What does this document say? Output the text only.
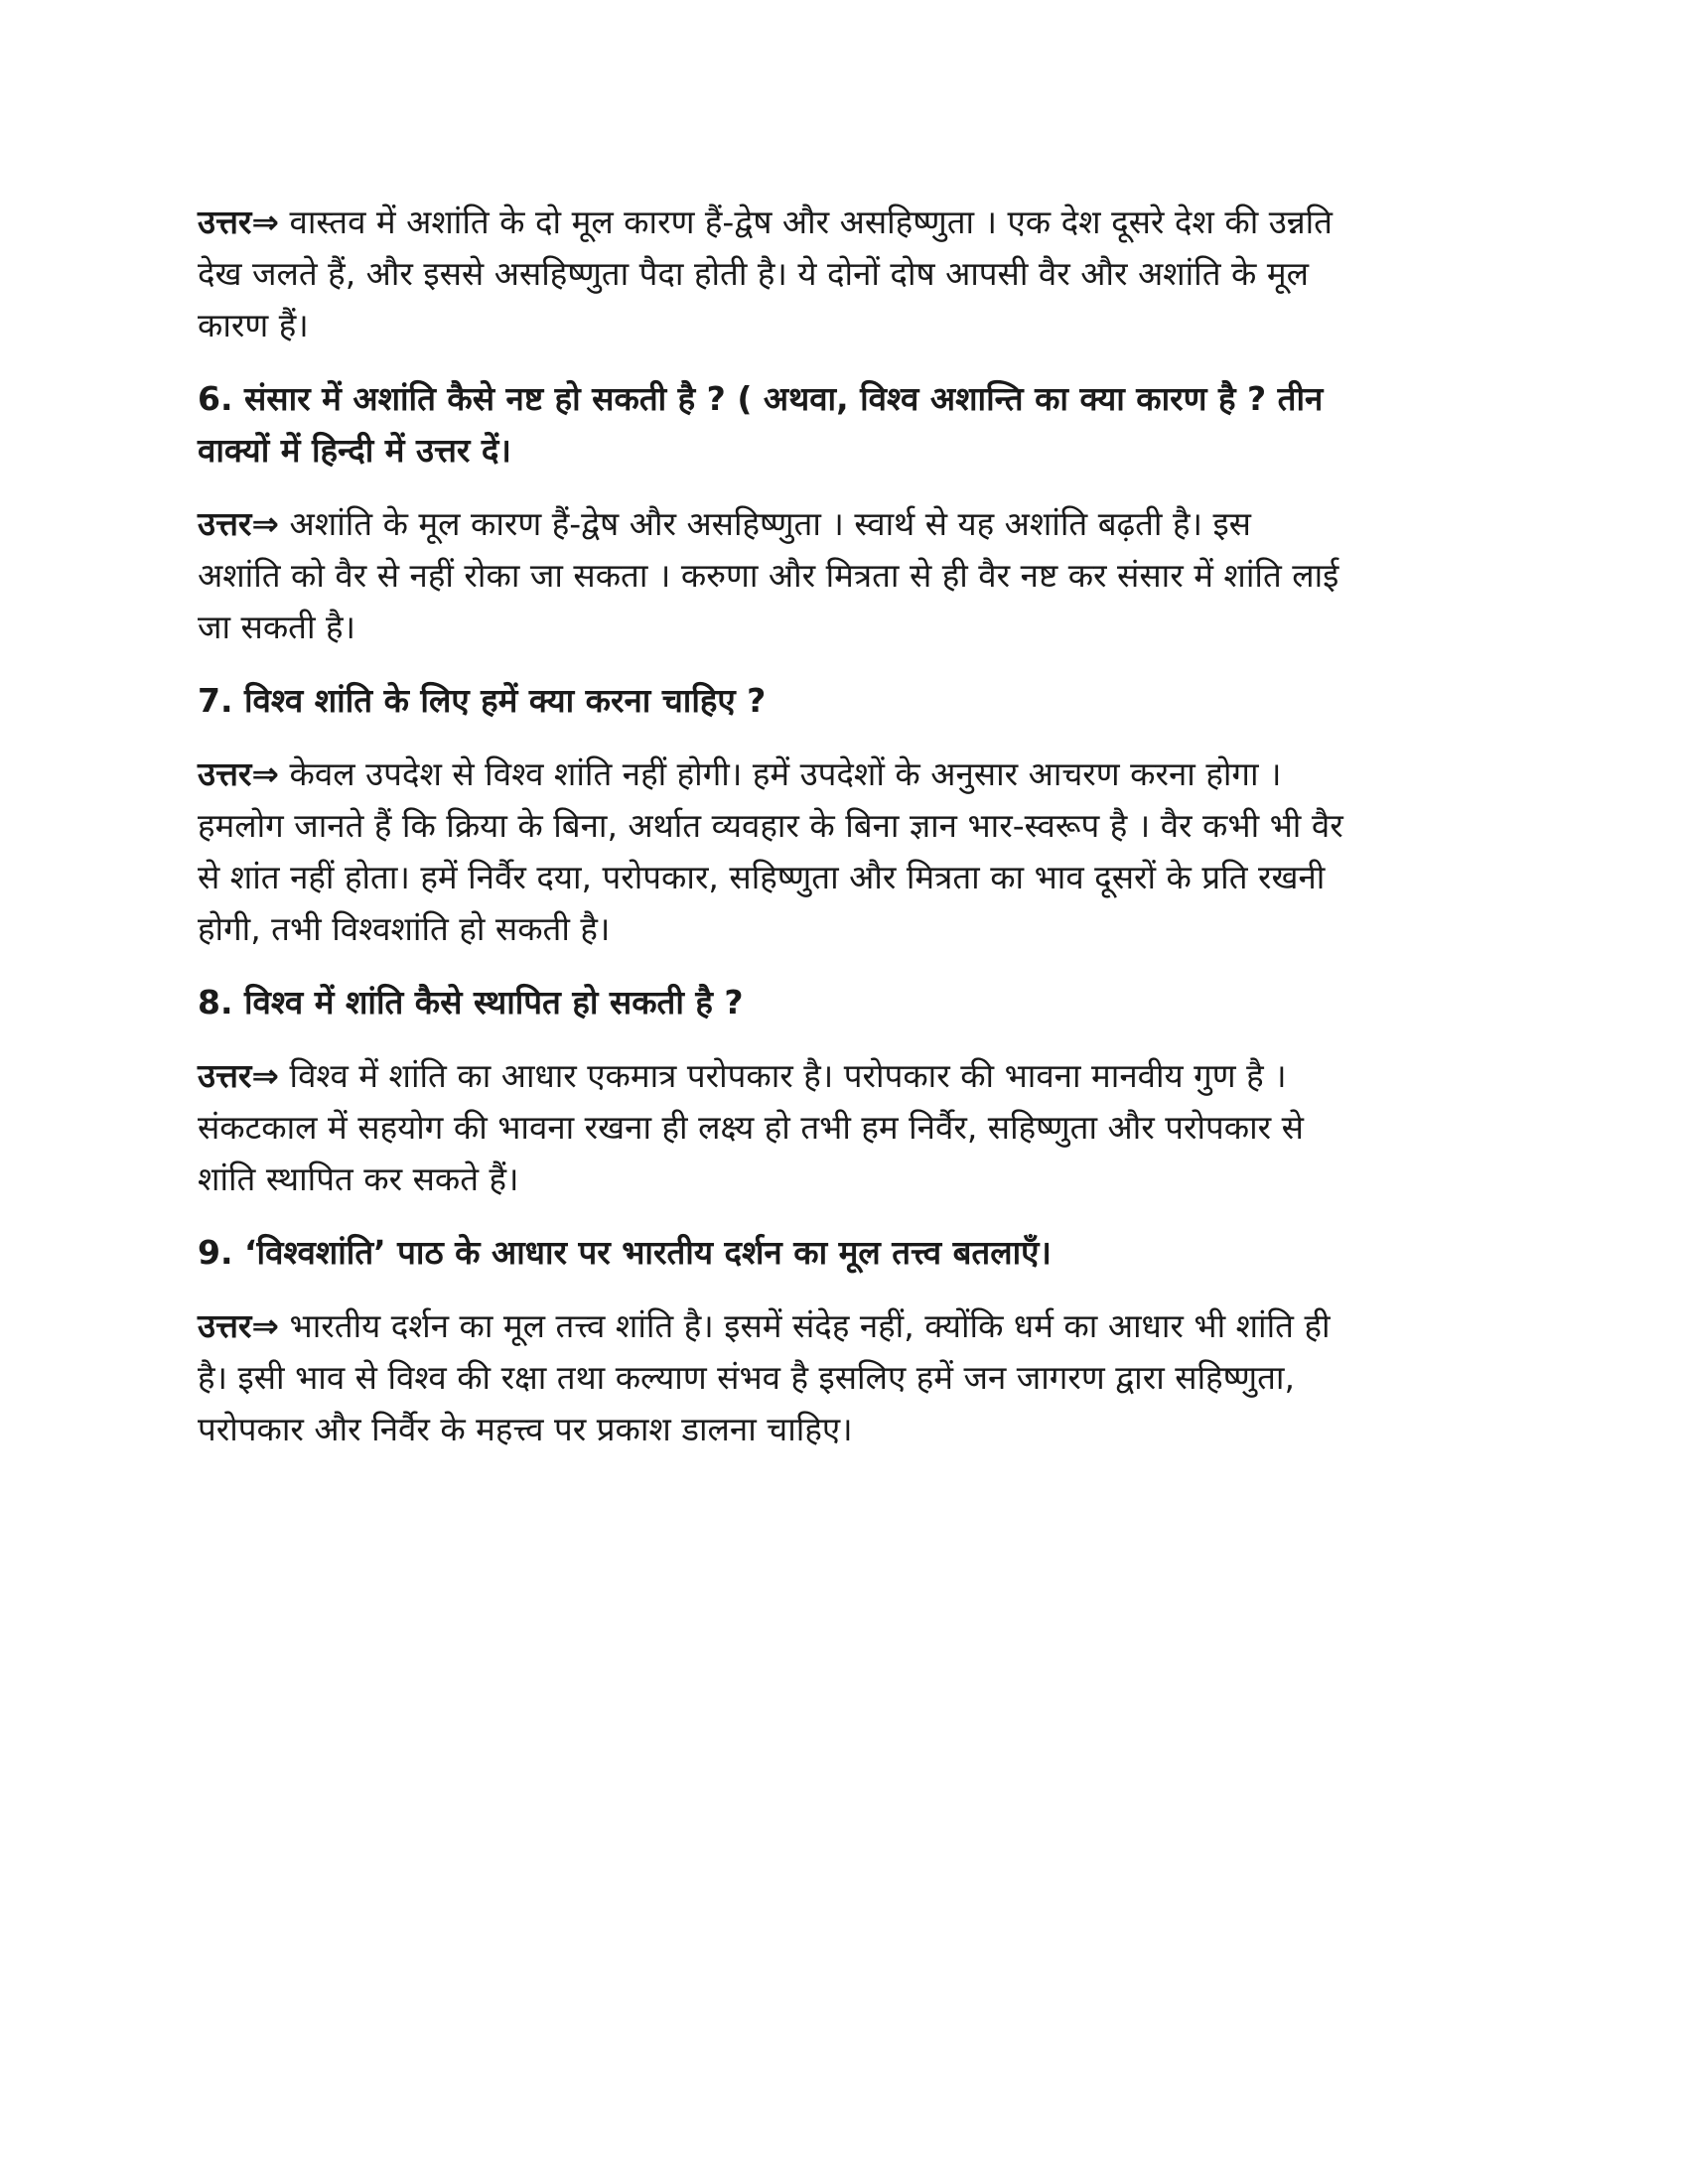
उत्तर⇒ वास्तव में अशांति के दो मूल कारण हैं-द्वेष और असहिष्णुता । एक देश दूसरे देश की उन्नति
देख जलते हैं, और इससे असहिष्णुता पैदा होती है। ये दोनों दोष आपसी वैर और अशांति के मूल
कारण हैं।
6. संसार में अशांति कैसे नष्ट हो सकती है ? ( अथवा, विश्व अशान्ति का क्या कारण है ? तीन
वाक्यों में हिन्दी में उत्तर दें।
उत्तर⇒ अशांति के मूल कारण हैं-द्वेष और असहिष्णुता । स्वार्थ से यह अशांति बढ़ती है। इस
अशांति को वैर से नहीं रोका जा सकता । करुणा और मित्रता से ही वैर नष्ट कर संसार में शांति लाई
जा सकती है।
7. विश्व शांति के लिए हमें क्या करना चाहिए ?
उत्तर⇒ केवल उपदेश से विश्व शांति नहीं होगी। हमें उपदेशों के अनुसार आचरण करना होगा ।
हमलोग जानते हैं कि क्रिया के बिना, अर्थात व्यवहार के बिना ज्ञान भार-स्वरूप है । वैर कभी भी वैर
से शांत नहीं होता। हमें निर्वैर दया, परोपकार, सहिष्णुता और मित्रता का भाव दूसरों के प्रति रखनी
होगी, तभी विश्वशांति हो सकती है।
8. विश्व में शांति कैसे स्थापित हो सकती है ?
उत्तर⇒ विश्व में शांति का आधार एकमात्र परोपकार है। परोपकार की भावना मानवीय गुण है ।
संकटकाल में सहयोग की भावना रखना ही लक्ष्य हो तभी हम निर्वैर, सहिष्णुता और परोपकार से
शांति स्थापित कर सकते हैं।
9. ‘विश्वशांति’ पाठ के आधार पर भारतीय दर्शन का मूल तत्त्व बतलाएँ।
उत्तर⇒ भारतीय दर्शन का मूल तत्त्व शांति है। इसमें संदेह नहीं, क्योंकि धर्म का आधार भी शांति ही
है। इसी भाव से विश्व की रक्षा तथा कल्याण संभव है इसलिए हमें जन जागरण द्वारा सहिष्णुता,
परोपकार और निर्वैर के महत्त्व पर प्रकाश डालना चाहिए।
